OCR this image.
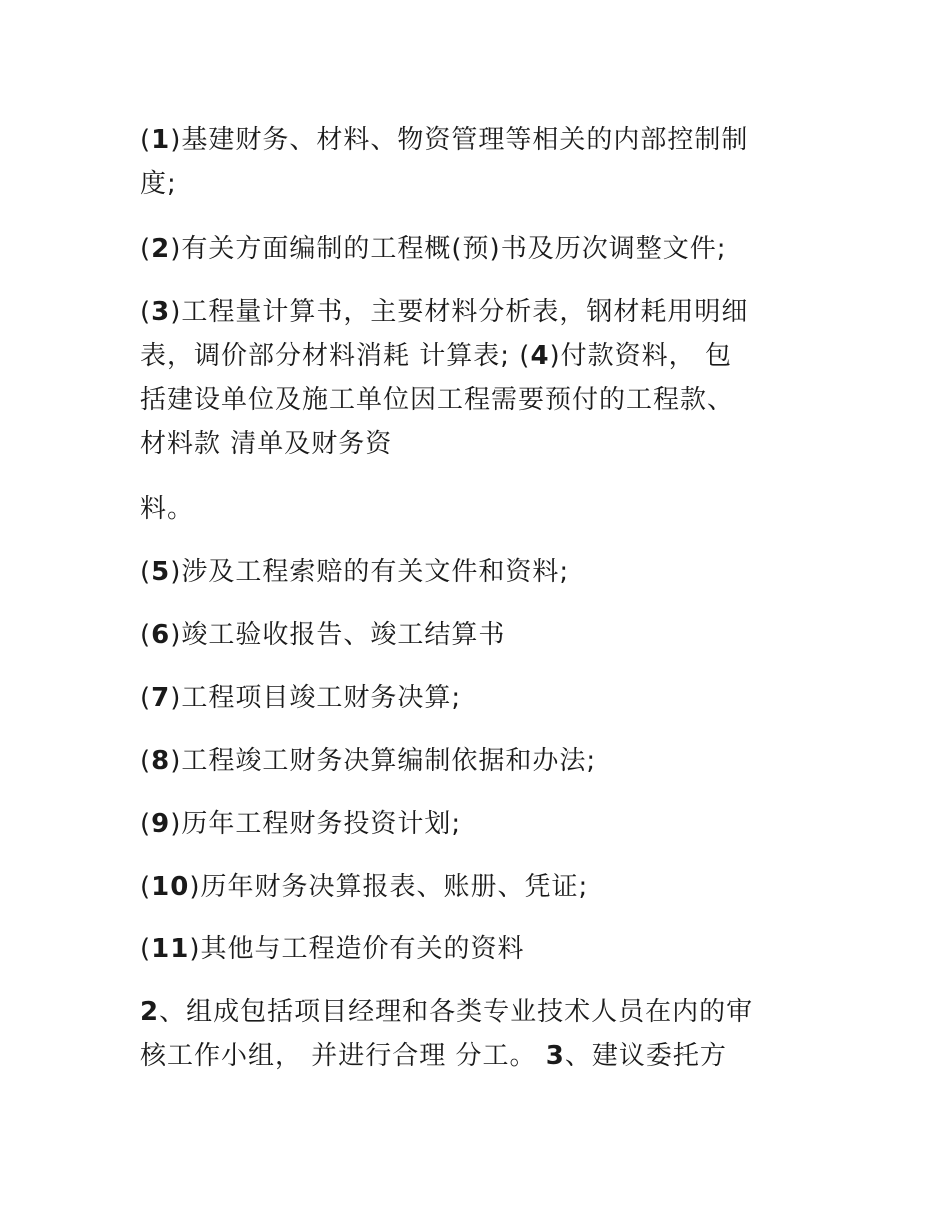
(1)基建财务、材料、物资管理等相关的内部控制制
度;
(2)有关方面编制的工程概(预)书及历次调整文件;
(3)工程量计算书，主要材料分析表，钢材耗用明细
表，调价部分材料消耗 计算表; (4)付款资料， 包
括建设单位及施工单位因工程需要预付的工程款、
材料款 清单及财务资
料。
(5)涉及工程索赔的有关文件和资料;
(6)竣工验收报告、竣工结算书
(7)工程项目竣工财务决算;
(8)工程竣工财务决算编制依据和办法;
(9)历年工程财务投资计划;
(10)历年财务决算报表、账册、凭证;
(11)其他与工程造价有关的资料
2、组成包括项目经理和各类专业技术人员在内的审
核工作小组， 并进行合理 分工。 3、建议委托方
